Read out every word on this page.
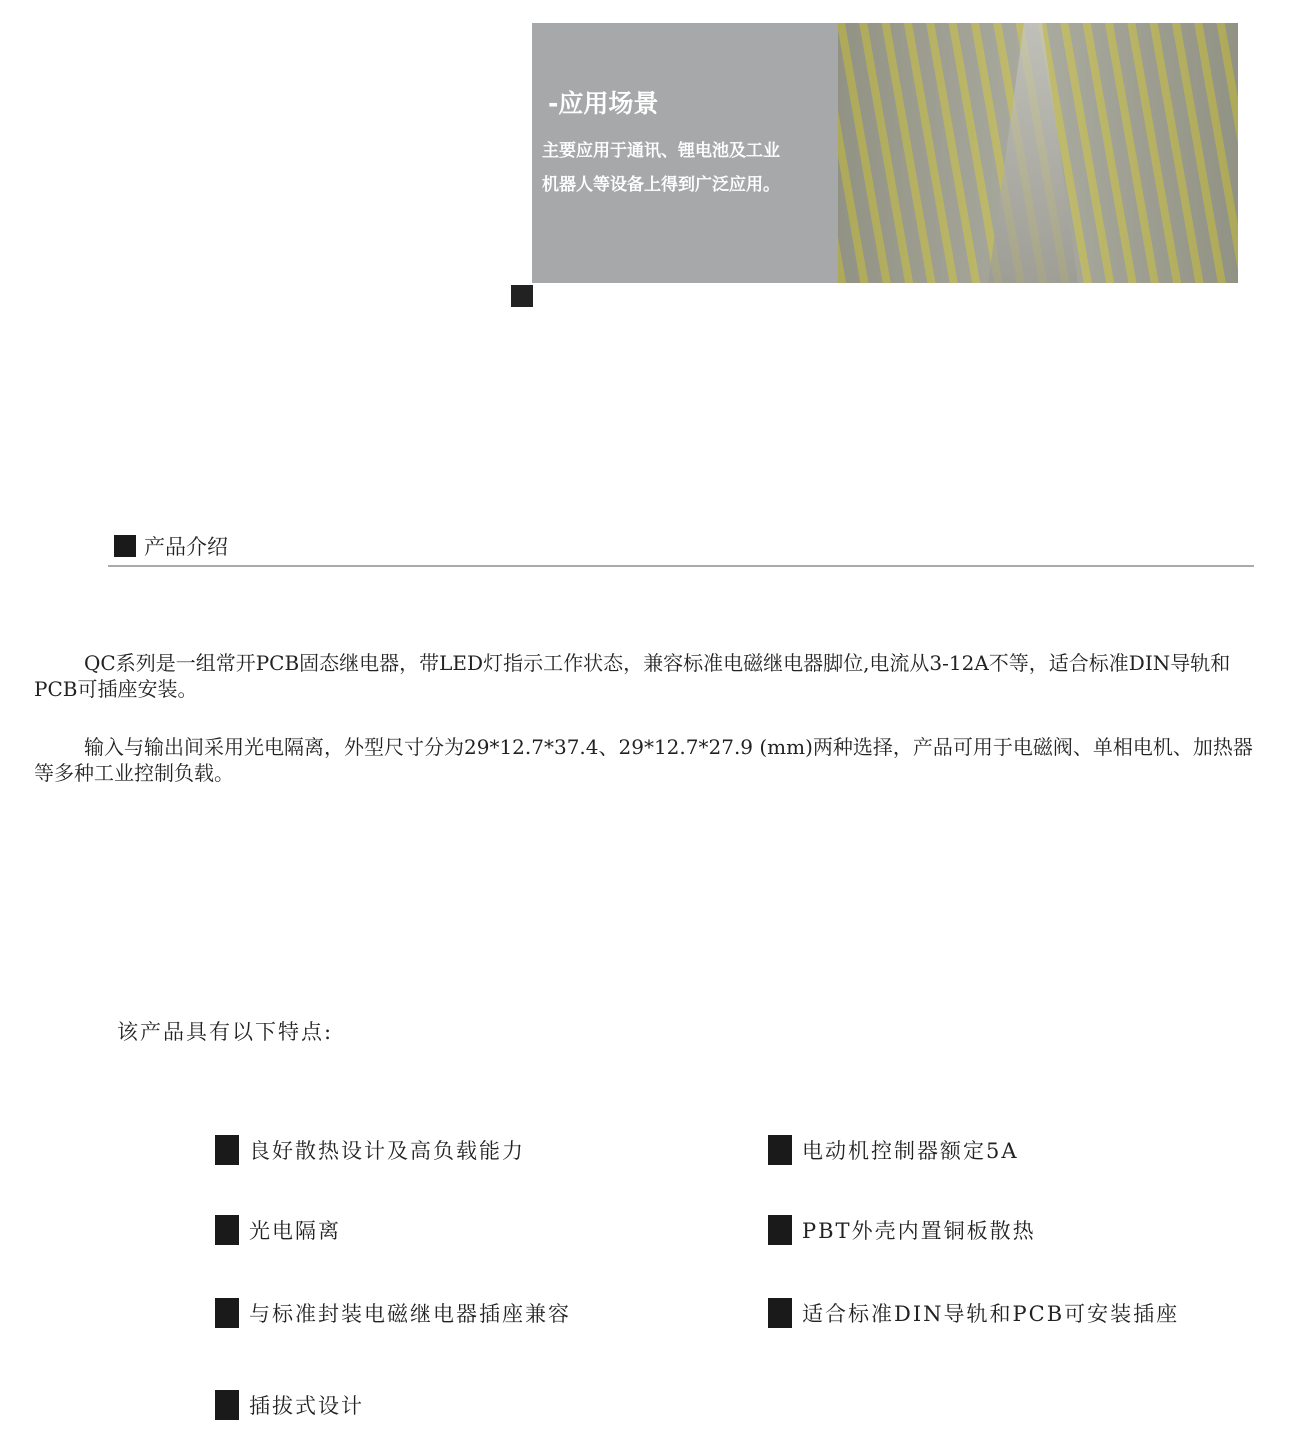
-应用场景
主要应用于通讯、锂电池及工业
机器人等设备上得到广泛应用。
产品介绍
QC系列是一组常开PCB固态继电器，带LED灯指示工作状态，兼容标准电磁继电器脚位,电流从3-12A不等，适合标准DIN导轨和PCB可插座安装。
输入与输出间采用光电隔离，外型尺寸分为29*12.7*37.4、29*12.7*27.9 (mm)两种选择，产品可用于电磁阀、单相电机、加热器等多种工业控制负载。
该产品具有以下特点:
良好散热设计及高负载能力
光电隔离
与标准封装电磁继电器插座兼容
插拔式设计
电动机控制器额定5A
PBT外壳内置铜板散热
适合标准DIN导轨和PCB可安装插座
